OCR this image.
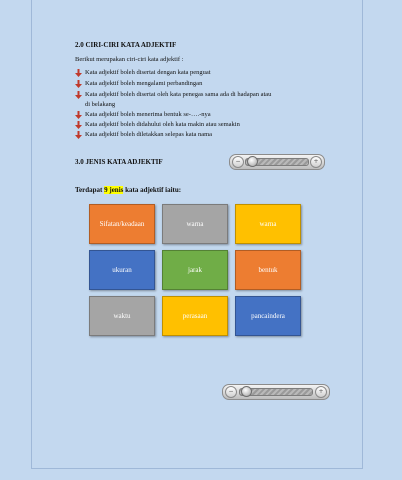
2.0 CIRI-CIRI KATA ADJEKTIF
Berikut merupakan ciri-ciri kata adjektif :
Kata adjektif boleh disertai dengan kata penguat
Kata adjektif boleh mengalami perbandingan
Kata adjektif boleh disertai oleh kata penegas sama ada di hadapan atau
di belakang
Kata adjektif boleh menerima bentuk se-….-nya
Kata adjektif boleh didahului oleh kata makin atau semakin
Kata adjektif boleh diletakkan selepas kata nama
3.0 JENIS KATA ADJEKTIF	−	+
Terdapat 9 jenis kata adjektif iaitu:
Sifatan/keadaan	warna	warna
ukuran	jarak	bentuk
waktu	perasaan	pancaindera
−	+
